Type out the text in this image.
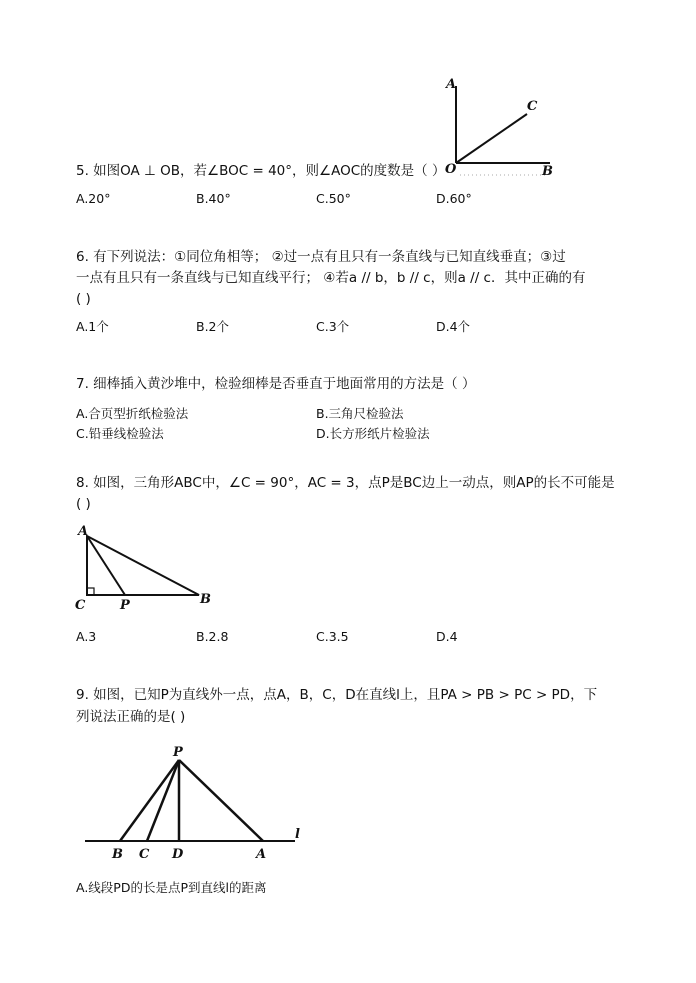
A
C
O	B
5. 如图OA ⊥ OB，若∠BOC = 40°，则∠AOC的度数是（ ）
A.20°	B.40°	C.50°	D.60°
6. 有下列说法：①同位角相等； ②过一点有且只有一条直线与已知直线垂直；③过
一点有且只有一条直线与已知直线平行； ④若a // b，b // c，则a // c．其中正确的有
( )
A.1个	B.2个	C.3个	D.4个
7. 细棒插入黄沙堆中，检验细棒是否垂直于地面常用的方法是（ ）
A.合页型折纸检验法	B.三角尺检验法
C.铅垂线检验法	D.长方形纸片检验法
8. 如图，三角形ABC中，∠C = 90°，AC = 3，点P是BC边上一动点，则AP的长不可能是
( )
A
C	P	B
A.3	B.2.8	C.3.5	D.4
9. 如图，已知P为直线外一点，点A，B，C，D在直线l上，且PA > PB > PC > PD，下
列说法正确的是( )
P
B C D	A
l
A.线段PD的长是点P到直线l的距离
